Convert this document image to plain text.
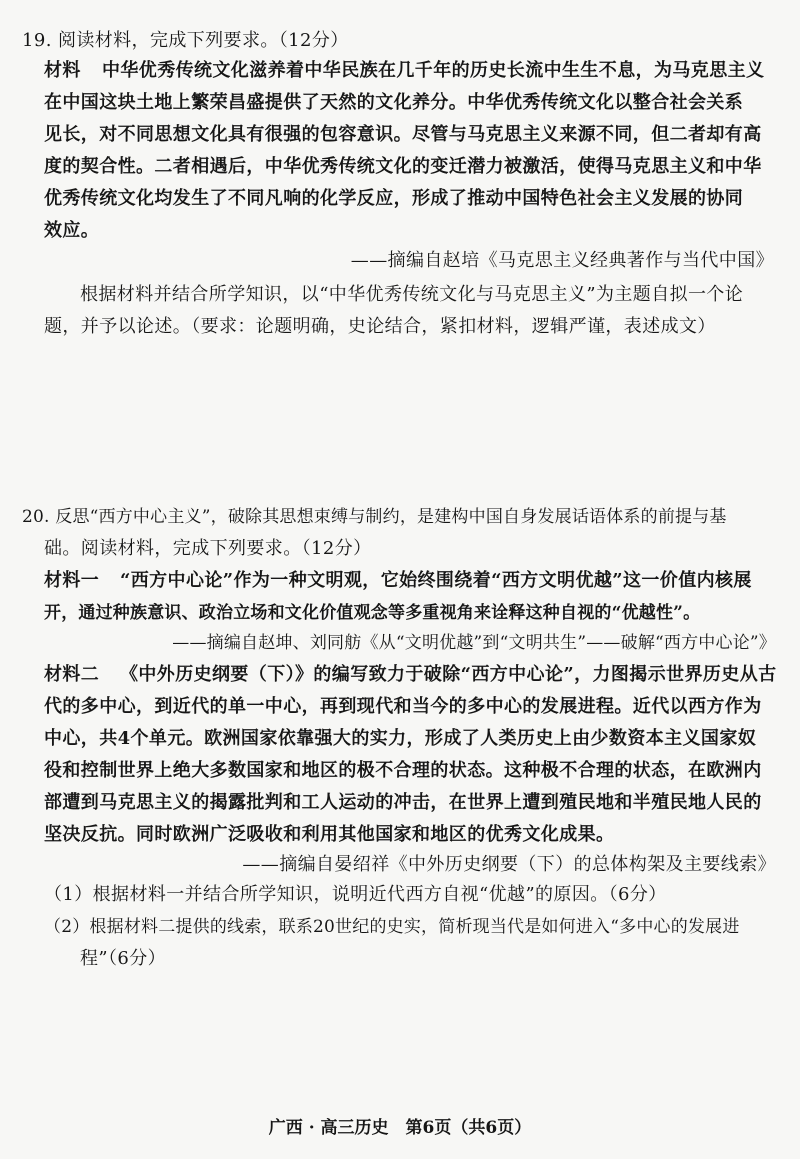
19. 阅读材料，完成下列要求。（12分）
材料 中华优秀传统文化滋养着中华民族在几千年的历史长流中生生不息，为马克思主义
在中国这块土地上繁荣昌盛提供了天然的文化养分。中华优秀传统文化以整合社会关系
见长，对不同思想文化具有很强的包容意识。尽管与马克思主义来源不同，但二者却有高
度的契合性。二者相遇后，中华优秀传统文化的变迁潜力被激活，使得马克思主义和中华
优秀传统文化均发生了不同凡响的化学反应，形成了推动中国特色社会主义发展的协同
效应。
——摘编自赵培《马克思主义经典著作与当代中国》
根据材料并结合所学知识，以“中华优秀传统文化与马克思主义”为主题自拟一个论
题，并予以论述。（要求：论题明确，史论结合，紧扣材料，逻辑严谨，表述成文）
20. 反思“西方中心主义”，破除其思想束缚与制约，是建构中国自身发展话语体系的前提与基
础。阅读材料，完成下列要求。（12分）
材料一 “西方中心论”作为一种文明观，它始终围绕着“西方文明优越”这一价值内核展
开，通过种族意识、政治立场和文化价值观念等多重视角来诠释这种自视的“优越性”。
——摘编自赵坤、刘同舫《从“文明优越”到“文明共生”——破解“西方中心论”》
材料二 《中外历史纲要（下）》的编写致力于破除“西方中心论”，力图揭示世界历史从古
代的多中心，到近代的单一中心，再到现代和当今的多中心的发展进程。近代以西方作为
中心，共4个单元。欧洲国家依靠强大的实力，形成了人类历史上由少数资本主义国家奴
役和控制世界上绝大多数国家和地区的极不合理的状态。这种极不合理的状态，在欧洲内
部遭到马克思主义的揭露批判和工人运动的冲击，在世界上遭到殖民地和半殖民地人民的
坚决反抗。同时欧洲广泛吸收和利用其他国家和地区的优秀文化成果。
——摘编自晏绍祥《中外历史纲要（下）的总体构架及主要线索》
（1）根据材料一并结合所学知识，说明近代西方自视“优越”的原因。（6分）
（2）根据材料二提供的线索，联系20世纪的史实，简析现当代是如何进入“多中心的发展进
程”（6分）
广西 · 高三历史　第6页（共6页）
